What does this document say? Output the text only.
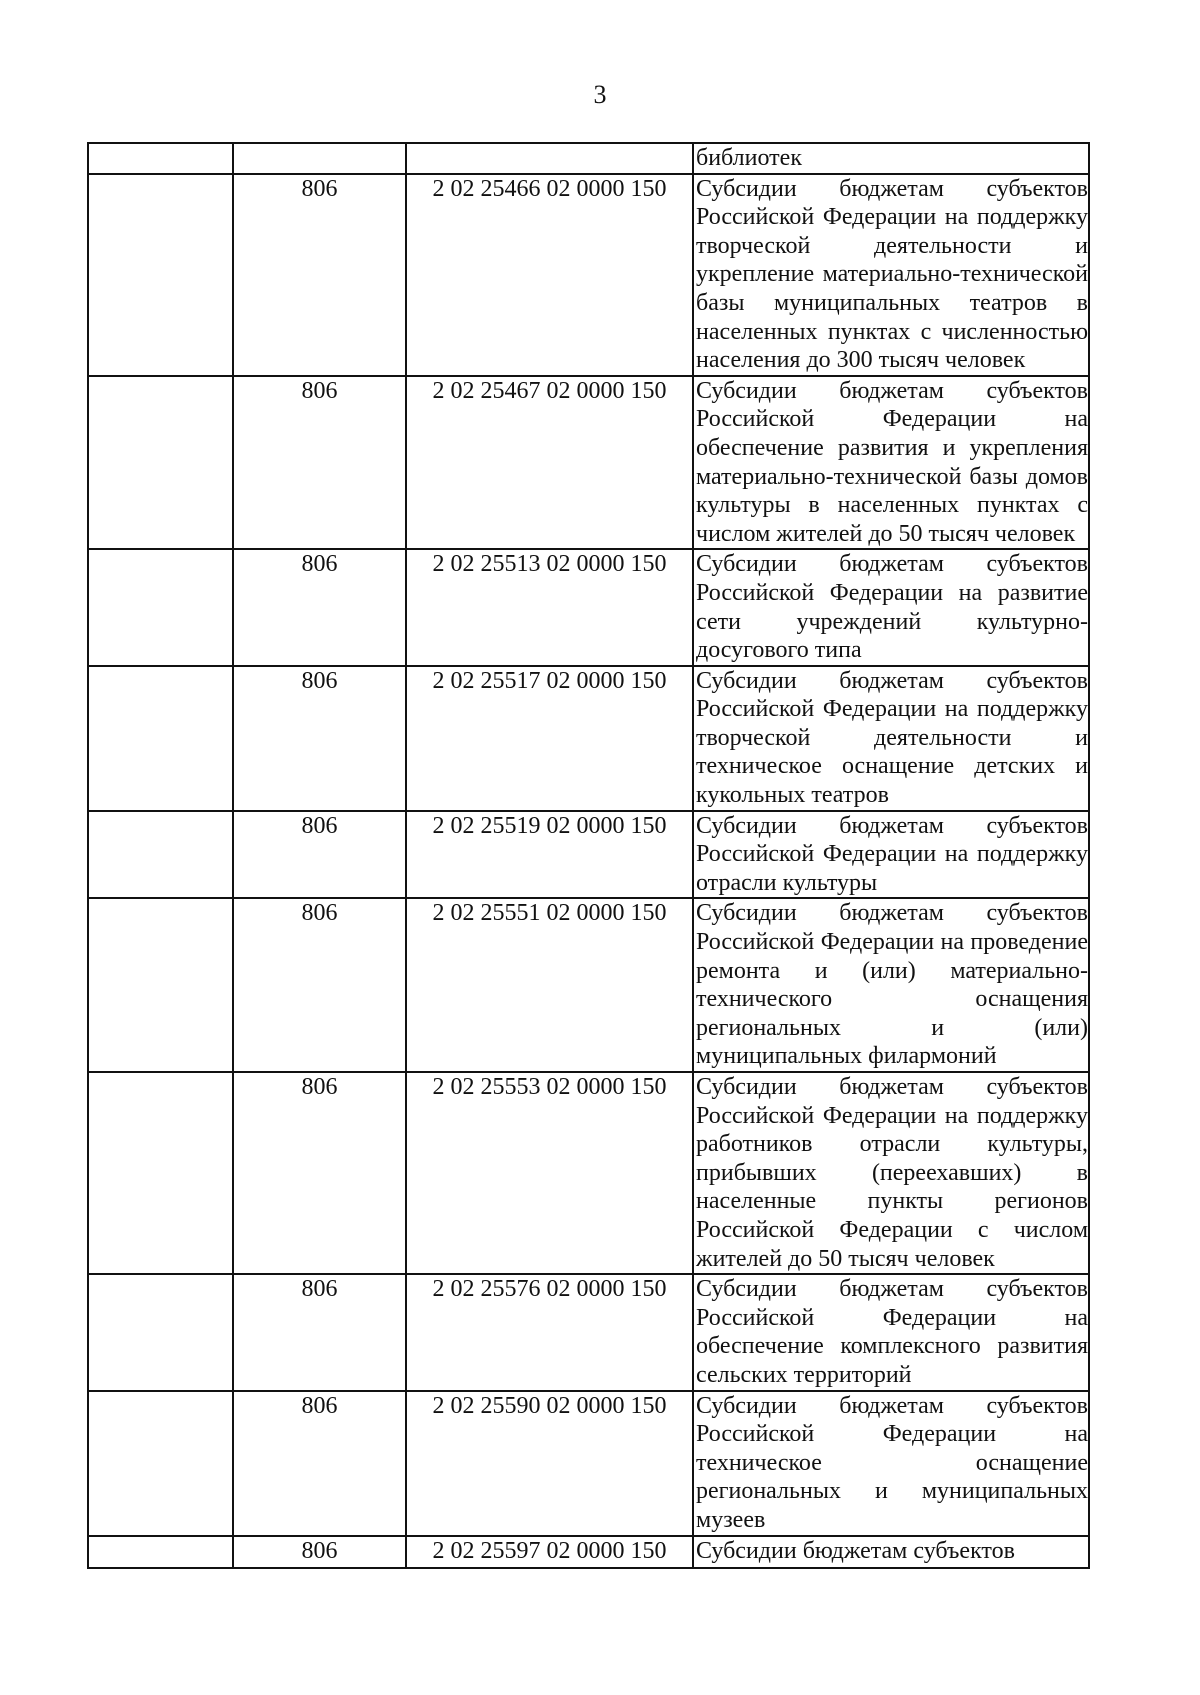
3
			библиотек
	806	2 02 25466 02 0000 150	Субсидии бюджетам субъектов Российской Федерации на поддержку творческой деятельности и укрепление материально-технической базы муниципальных театров в населенных пунктах с численностью населения до 300 тысяч человек
	806	2 02 25467 02 0000 150	Субсидии бюджетам субъектов Российской Федерации на обеспечение развития и укрепления материально-технической базы домов культуры в населенных пунктах с числом жителей до 50 тысяч человек
	806	2 02 25513 02 0000 150	Субсидии бюджетам субъектов Российской Федерации на развитие сети учреждений культурно-досугового типа
	806	2 02 25517 02 0000 150	Субсидии бюджетам субъектов Российской Федерации на поддержку творческой деятельности и техническое оснащение детских и кукольных театров
	806	2 02 25519 02 0000 150	Субсидии бюджетам субъектов Российской Федерации на поддержку отрасли культуры
	806	2 02 25551 02 0000 150	Субсидии бюджетам субъектов Российской Федерации на проведение ремонта и (или) материально-технического оснащения региональных и (или) муниципальных филармоний
	806	2 02 25553 02 0000 150	Субсидии бюджетам субъектов Российской Федерации на поддержку работников отрасли культуры, прибывших (переехавших) в населенные пункты регионов Российской Федерации с числом жителей до 50 тысяч человек
	806	2 02 25576 02 0000 150	Субсидии бюджетам субъектов Российской Федерации на обеспечение комплексного развития сельских территорий
	806	2 02 25590 02 0000 150	Субсидии бюджетам субъектов Российской Федерации на техническое оснащение региональных и муниципальных музеев
	806	2 02 25597 02 0000 150	Субсидии бюджетам субъектов
